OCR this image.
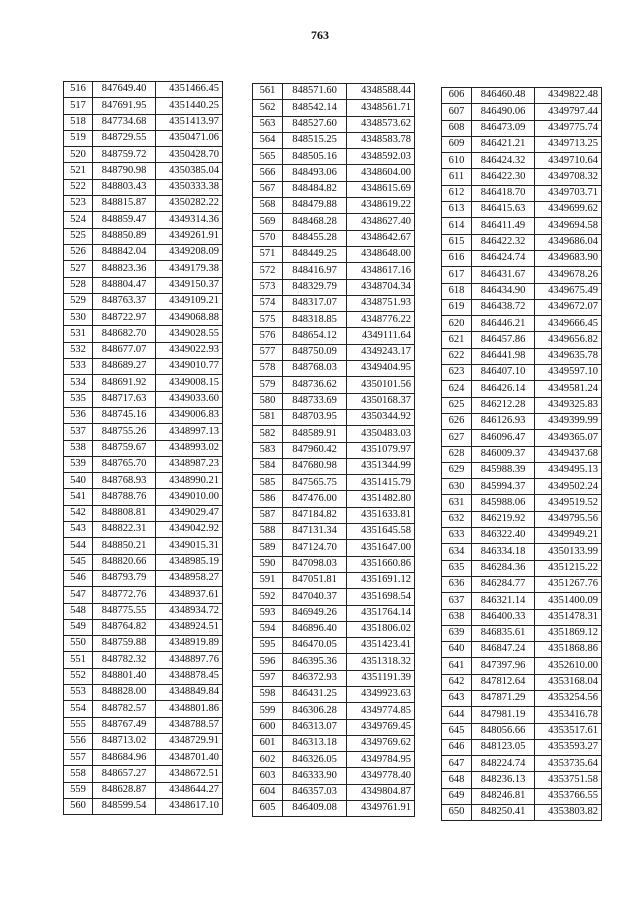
763
516	847649.40	4351466.45
517	847691.95	4351440.25
518	847734.68	4351413.97
519	848729.55	4350471.06
520	848759.72	4350428.70
521	848790.98	4350385.04
522	848803.43	4350333.38
523	848815.87	4350282.22
524	848859.47	4349314.36
525	848850.89	4349261.91
526	848842.04	4349208.09
527	848823.36	4349179.38
528	848804.47	4349150.37
529	848763.37	4349109.21
530	848722.97	4349068.88
531	848682.70	4349028.55
532	848677.07	4349022.93
533	848689.27	4349010.77
534	848691.92	4349008.15
535	848717.63	4349033.60
536	848745.16	4349006.83
537	848755.26	4348997.13
538	848759.67	4348993.02
539	848765.70	4348987.23
540	848768.93	4348990.21
541	848788.76	4349010.00
542	848808.81	4349029.47
543	848822.31	4349042.92
544	848850.21	4349015.31
545	848820.66	4348985.19
546	848793.79	4348958.27
547	848772.76	4348937.61
548	848775.55	4348934.72
549	848764.82	4348924.51
550	848759.88	4348919.89
551	848782.32	4348897.76
552	848801.40	4348878.45
553	848828.00	4348849.84
554	848782.57	4348801.86
555	848767.49	4348788.57
556	848713.02	4348729.91
557	848684.96	4348701.40
558	848657.27	4348672.51
559	848628.87	4348644.27
560	848599.54	4348617.10
561	848571.60	4348588.44
562	848542.14	4348561.71
563	848527.60	4348573.62
564	848515.25	4348583.78
565	848505.16	4348592.03
566	848493.06	4348604.00
567	848484.82	4348615.69
568	848479.88	4348619.22
569	848468.28	4348627.40
570	848455.28	4348642.67
571	848449.25	4348648.00
572	848416.97	4348617.16
573	848329.79	4348704.34
574	848317.07	4348751.93
575	848318.85	4348776.22
576	848654.12	4349111.64
577	848750.09	4349243.17
578	848768.03	4349404.95
579	848736.62	4350101.56
580	848733.69	4350168.37
581	848703.95	4350344.92
582	848589.91	4350483.03
583	847960.42	4351079.97
584	847680.98	4351344.99
585	847565.75	4351415.79
586	847476.00	4351482.80
587	847184.82	4351633.81
588	847131.34	4351645.58
589	847124.70	4351647.00
590	847098.03	4351660.86
591	847051.81	4351691.12
592	847040.37	4351698.54
593	846949.26	4351764.14
594	846896.40	4351806.02
595	846470.05	4351423.41
596	846395.36	4351318.32
597	846372.93	4351191.39
598	846431.25	4349923.63
599	846306.28	4349774.85
600	846313.07	4349769.45
601	846313.18	4349769.62
602	846326.05	4349784.95
603	846333.90	4349778.40
604	846357.03	4349804.87
605	846409.08	4349761.91
606	846460.48	4349822.48
607	846490.06	4349797.44
608	846473.09	4349775.74
609	846421.21	4349713.25
610	846424.32	4349710.64
611	846422.30	4349708.32
612	846418.70	4349703.71
613	846415.63	4349699.62
614	846411.49	4349694.58
615	846422.32	4349686.04
616	846424.74	4349683.90
617	846431.67	4349678.26
618	846434.90	4349675.49
619	846438.72	4349672.07
620	846446.21	4349666.45
621	846457.86	4349656.82
622	846441.98	4349635.78
623	846407.10	4349597.10
624	846426.14	4349581.24
625	846212.28	4349325.83
626	846126.93	4349399.99
627	846096.47	4349365.07
628	846009.37	4349437.68
629	845988.39	4349495.13
630	845994.37	4349502.24
631	845988.06	4349519.52
632	846219.92	4349795.56
633	846322.40	4349949.21
634	846334.18	4350133.99
635	846284.36	4351215.22
636	846284.77	4351267.76
637	846321.14	4351400.09
638	846400.33	4351478.31
639	846835.61	4351869.12
640	846847.24	4351868.86
641	847397.96	4352610.00
642	847812.64	4353168.04
643	847871.29	4353254.56
644	847981.19	4353416.78
645	848056.66	4353517.61
646	848123.05	4353593.27
647	848224.74	4353735.64
648	848236.13	4353751.58
649	848246.81	4353766.55
650	848250.41	4353803.82
